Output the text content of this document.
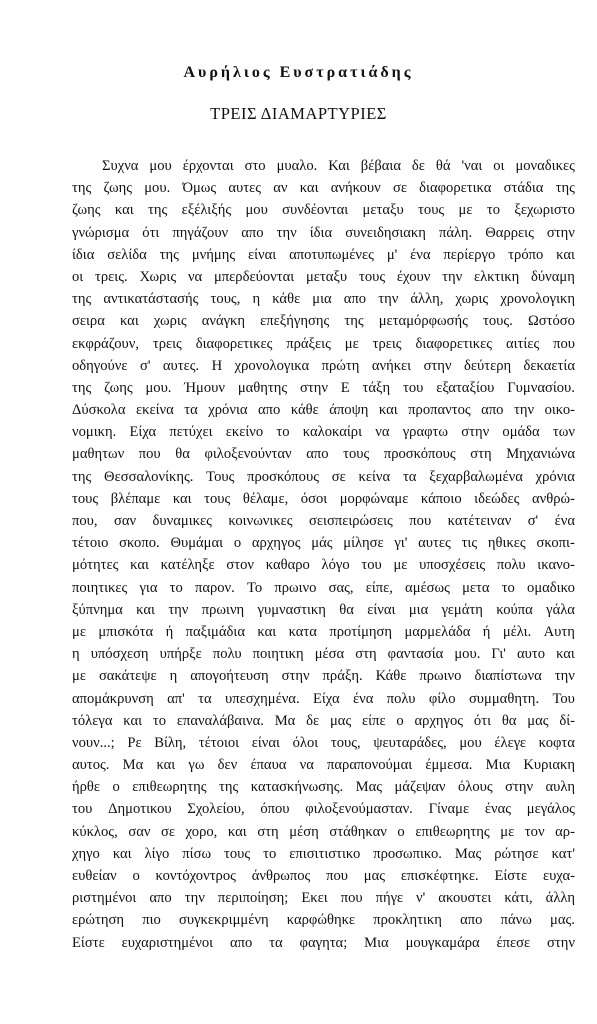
Αυρήλιος Ευστρατιάδης
ΤΡΕΙΣ ΔΙΑΜΑΡΤΥΡΙΕΣ
Συχνα μου έρχονται στο μυαλο. Και βέβαια δε θά 'ναι οι μοναδικες
της ζωης μου. Όμως αυτες αν και ανήκουν σε διαφορετικα στάδια της
ζωης και της εξέλιξής μου συνδέονται μεταξυ τους με το ξεχωριστο
γνώρισμα ότι πηγάζουν απο την ίδια συνειδησιακη πάλη. Θαρρεις στην
ίδια σελίδα της μνήμης είναι αποτυπωμένες μ' ένα περίεργο τρόπο και
οι τρεις. Χωρις να μπερδεύονται μεταξυ τους έχουν την ελκτικη δύναμη
της αντικατάστασής τους, η κάθε μια απο την άλλη, χωρις χρονολογικη
σειρα και χωρις ανάγκη επεξήγησης της μεταμόρφωσής τους. Ωστόσο
εκφράζουν, τρεις διαφορετικες πράξεις με τρεις διαφορετικες αιτίες που
οδηγούνε σ' αυτες. Η χρονολογικα πρώτη ανήκει στην δεύτερη δεκαετία
της ζωης μου. Ήμουν μαθητης στην Ε τάξη του εξαταξίου Γυμνασίου.
Δύσκολα εκείνα τα χρόνια απο κάθε άποψη και προπαντος απο την οικο-
νομικη. Είχα πετύχει εκείνο το καλοκαίρι να γραφτω στην ομάδα των
μαθητων που θα φιλοξενούνταν απο τους προσκόπους στη Μηχανιώνα
της Θεσσαλονίκης. Τους προσκόπους σε κείνα τα ξεχαρβαλωμένα χρόνια
τους βλέπαμε και τους θέλαμε, όσοι μορφώναμε κάποιο ιδεώδες ανθρώ-
που, σαν δυναμικες κοινωνικες σεισπειρώσεις που κατέτειναν σ' ένα
τέτοιο σκοπο. Θυμάμαι ο αρχηγος μάς μίλησε γι' αυτες τις ηθικες σκοπι-
μότητες και κατέληξε στον καθαρο λόγο του με υποσχέσεις πολυ ικανο-
ποιητικες για το παρον. Το πρωινο σας, είπε, αμέσως μετα το ομαδικο
ξύπνημα και την πρωινη γυμναστικη θα είναι μια γεμάτη κούπα γάλα
με μπισκότα ή παξιμάδια και κατα προτίμηση μαρμελάδα ή μέλι. Αυτη
η υπόσχεση υπήρξε πολυ ποιητικη μέσα στη φαντασία μου. Γι' αυτο και
με σακάτεψε η απογοήτευση στην πράξη. Κάθε πρωινο διαπίστωνα την
απομάκρυνση απ' τα υπεσχημένα. Είχα ένα πολυ φίλο συμμαθητη. Του
τόλεγα και το επαναλάβαινα. Μα δε μας είπε ο αρχηγος ότι θα μας δί-
νουν...; Ρε Βίλη, τέτοιοι είναι όλοι τους, ψευταράδες, μου έλεγε κοφτα
αυτος. Μα και γω δεν έπαυα να παραπονούμαι έμμεσα. Μια Κυριακη
ήρθε ο επιθεωρητης της κατασκήνωσης. Μας μάζεψαν όλους στην αυλη
του Δημοτικου Σχολείου, όπου φιλοξενούμασταν. Γίναμε ένας μεγάλος
κύκλος, σαν σε χορο, και στη μέση στάθηκαν ο επιθεωρητης με τον αρ-
χηγο και λίγο πίσω τους το επισιτιστικο προσωπικο. Μας ρώτησε κατ'
ευθείαν ο κοντόχοντρος άνθρωπος που μας επισκέφτηκε. Είστε ευχα-
ριστημένοι απο την περιποίηση; Εκει που πήγε ν' ακουστει κάτι, άλλη
ερώτηση πιο συγκεκριμμένη καρφώθηκε προκλητικη απο πάνω μας.
Είστε ευχαριστημένοι απο τα φαγητα; Μια μουγκαμάρα έπεσε στην
